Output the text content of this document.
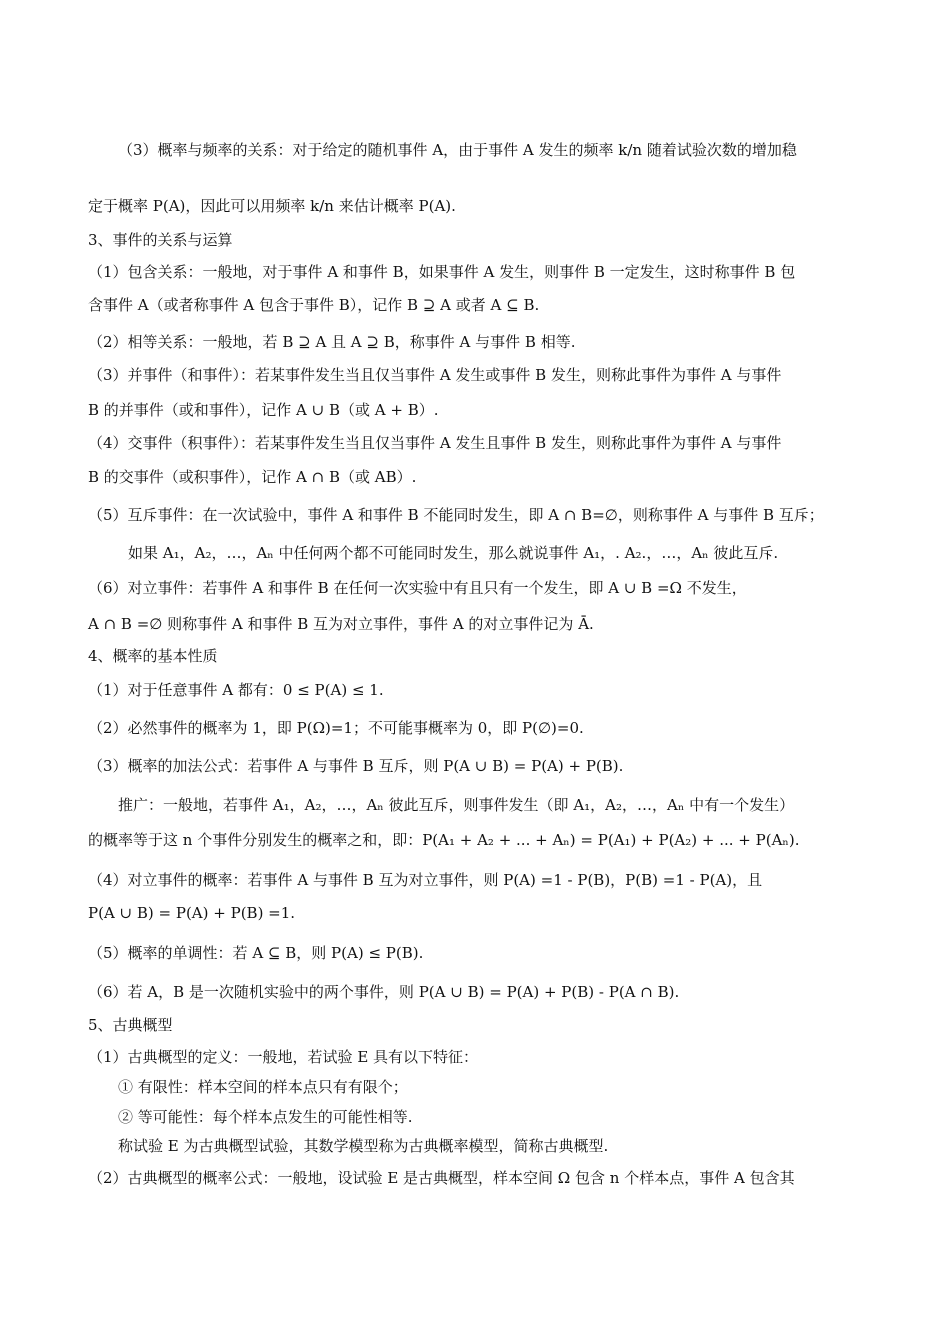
（3）概率与频率的关系：对于给定的随机事件 A，由于事件 A 发生的频率 k/n 随着试验次数的增加稳
定于概率 P(A)，因此可以用频率 k/n 来估计概率 P(A).
3、事件的关系与运算
（1）包含关系：一般地，对于事件 A 和事件 B，如果事件 A 发生，则事件 B 一定发生，这时称事件 B 包
含事件 A（或者称事件 A 包含于事件 B），记作 B ⊇ A 或者 A ⊆ B.
（2）相等关系：一般地，若 B ⊇ A 且 A ⊇ B，称事件 A 与事件 B 相等.
（3）并事件（和事件）：若某事件发生当且仅当事件 A 发生或事件 B 发生，则称此事件为事件 A 与事件
B 的并事件（或和事件），记作 A ∪ B（或 A + B）.
（4）交事件（积事件）：若某事件发生当且仅当事件 A 发生且事件 B 发生，则称此事件为事件 A 与事件
B 的交事件（或积事件），记作 A ∩ B（或 AB）.
（5）互斥事件：在一次试验中，事件 A 和事件 B 不能同时发生，即 A ∩ B=∅，则称事件 A 与事件 B 互斥；
如果 A₁，A₂，…，Aₙ 中任何两个都不可能同时发生，那么就说事件 A₁，. A₂.，…，Aₙ 彼此互斥.
（6）对立事件：若事件 A 和事件 B 在任何一次实验中有且只有一个发生，即 A ∪ B =Ω 不发生，
A ∩ B =∅ 则称事件 A 和事件 B 互为对立事件，事件 A 的对立事件记为 Ā.
4、概率的基本性质
（1）对于任意事件 A 都有：0 ≤ P(A) ≤ 1.
（2）必然事件的概率为 1，即 P(Ω)=1；不可能事概率为 0，即 P(∅)=0.
（3）概率的加法公式：若事件 A 与事件 B 互斥，则 P(A ∪ B) = P(A) + P(B).
推广：一般地，若事件 A₁，A₂，…，Aₙ 彼此互斥，则事件发生（即 A₁，A₂，…，Aₙ 中有一个发生）
的概率等于这 n 个事件分别发生的概率之和，即：P(A₁ + A₂ + ... + Aₙ) = P(A₁) + P(A₂) + ... + P(Aₙ).
（4）对立事件的概率：若事件 A 与事件 B 互为对立事件，则 P(A) =1 - P(B)，P(B) =1 - P(A)，且
P(A ∪ B) = P(A) + P(B) =1.
（5）概率的单调性：若 A ⊆ B，则 P(A) ≤ P(B).
（6）若 A，B 是一次随机实验中的两个事件，则 P(A ∪ B) = P(A) + P(B) - P(A ∩ B).
5、古典概型
（1）古典概型的定义：一般地，若试验 E 具有以下特征：
① 有限性：样本空间的样本点只有有限个；
② 等可能性：每个样本点发生的可能性相等.
称试验 E 为古典概型试验，其数学模型称为古典概率模型，简称古典概型.
（2）古典概型的概率公式：一般地，设试验 E 是古典概型，样本空间 Ω 包含 n 个样本点，事件 A 包含其
